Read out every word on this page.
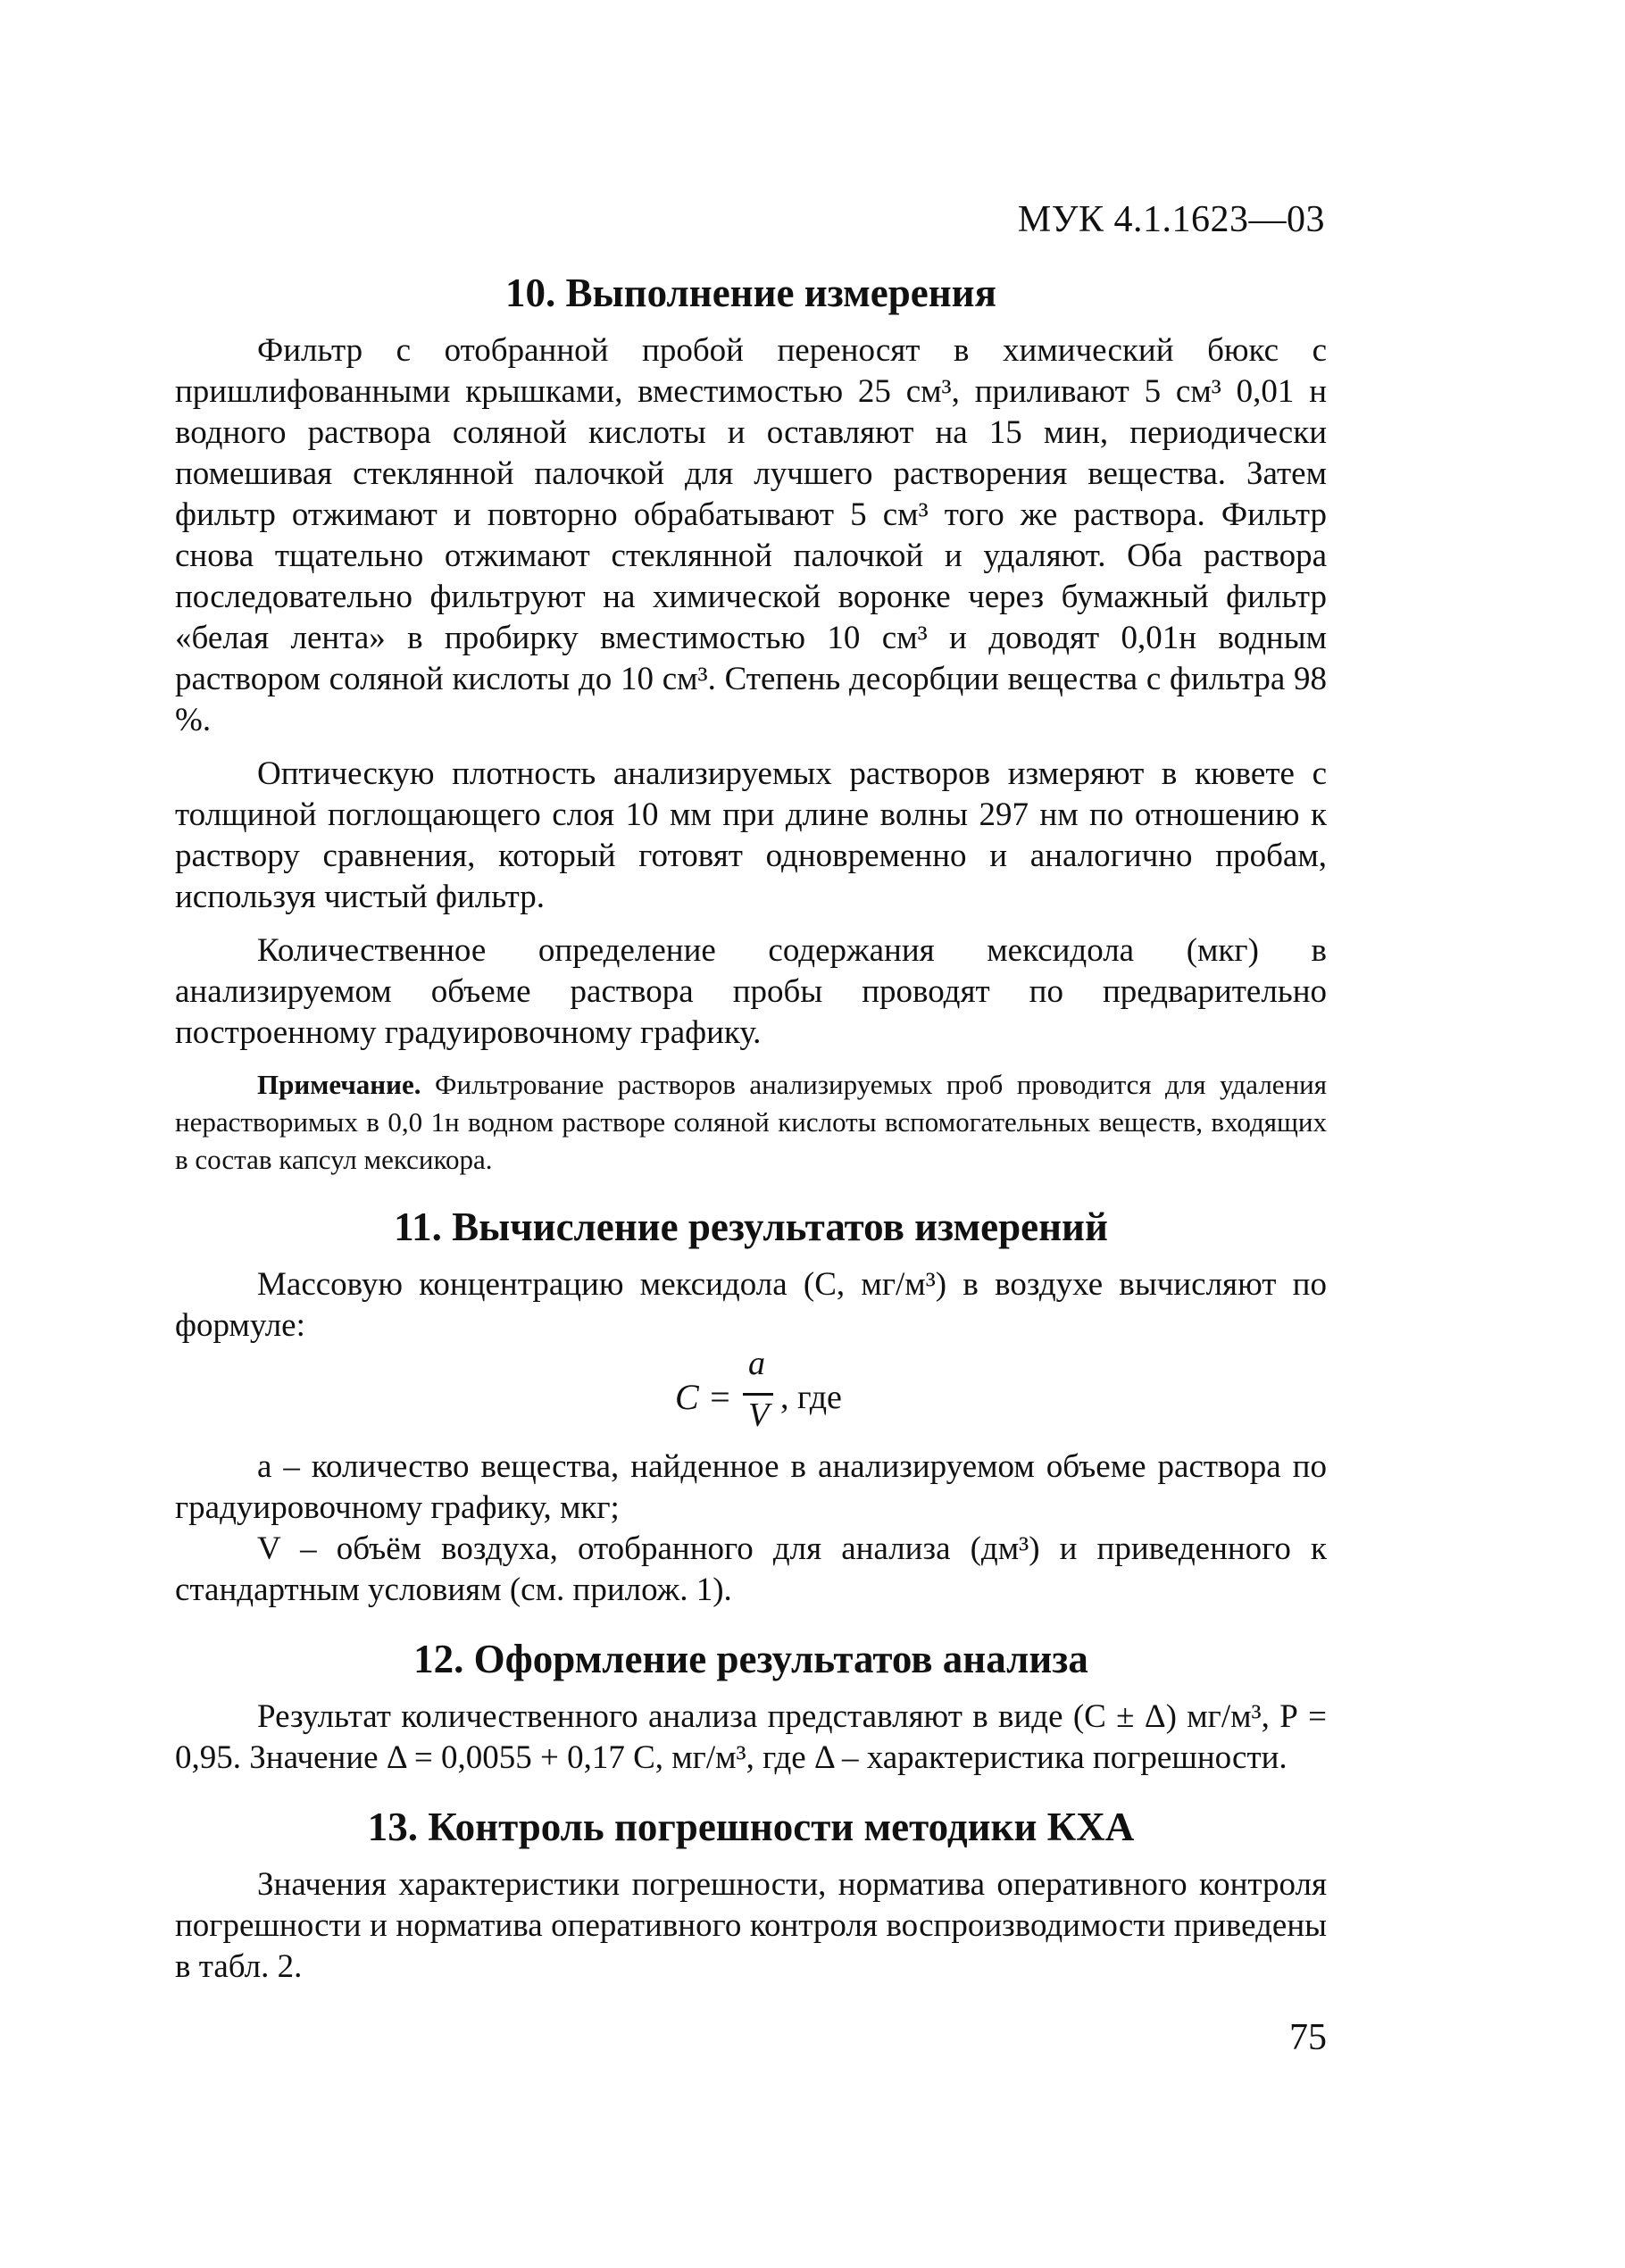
МУК 4.1.1623—03
10. Выполнение измерения

Фильтр с отобранной пробой переносят в химический бюкс с пришлифованными крышками, вместимостью 25 см³, приливают 5 см³ 0,01 н водного раствора соляной кислоты и оставляют на 15 мин, периодически помешивая стеклянной палочкой для лучшего растворения вещества. Затем фильтр отжимают и повторно обрабатывают 5 см³ того же раствора. Фильтр снова тщательно отжимают стеклянной палочкой и удаляют. Оба раствора последовательно фильтруют на химической воронке через бумажный фильтр «белая лента» в пробирку вместимостью 10 см³ и доводят 0,01н водным раствором соляной кислоты до 10 см³. Степень десорбции вещества с фильтра 98 %.

Оптическую плотность анализируемых растворов измеряют в кювете с толщиной поглощающего слоя 10 мм при длине волны 297 нм по отношению к раствору сравнения, который готовят одновременно и аналогично пробам, используя чистый фильтр.

Количественное определение содержания мексидола (мкг) в анализируемом объеме раствора пробы проводят по предварительно построенному градуировочному графику.

Примечание. Фильтрование растворов анализируемых проб проводится для удаления нерастворимых в 0,0 1н водном растворе соляной кислоты вспомогательных веществ, входящих в состав капсул мексикора.
11. Вычисление результатов измерений

Массовую концентрацию мексидола (С, мг/м³) в воздухе вычисляют по формуле:

С =
a
V , где

а – количество вещества, найденное в анализируемом объеме раствора по градуировочному графику, мкг;

V – объём воздуха, отобранного для анализа (дм³) и приведенного к стандартным условиям (см. прилож. 1).

12. Оформление результатов анализа

Результат количественного анализа представляют в виде (С ± Δ) мг/м³, Р = 0,95. Значение Δ = 0,0055 + 0,17 С, мг/м³, где Δ – характеристика погрешности.

13. Контроль погрешности методики КХА

Значения характеристики погрешности, норматива оперативного контроля погрешности и норматива оперативного контроля воспроизводимости приведены в табл. 2.

75
